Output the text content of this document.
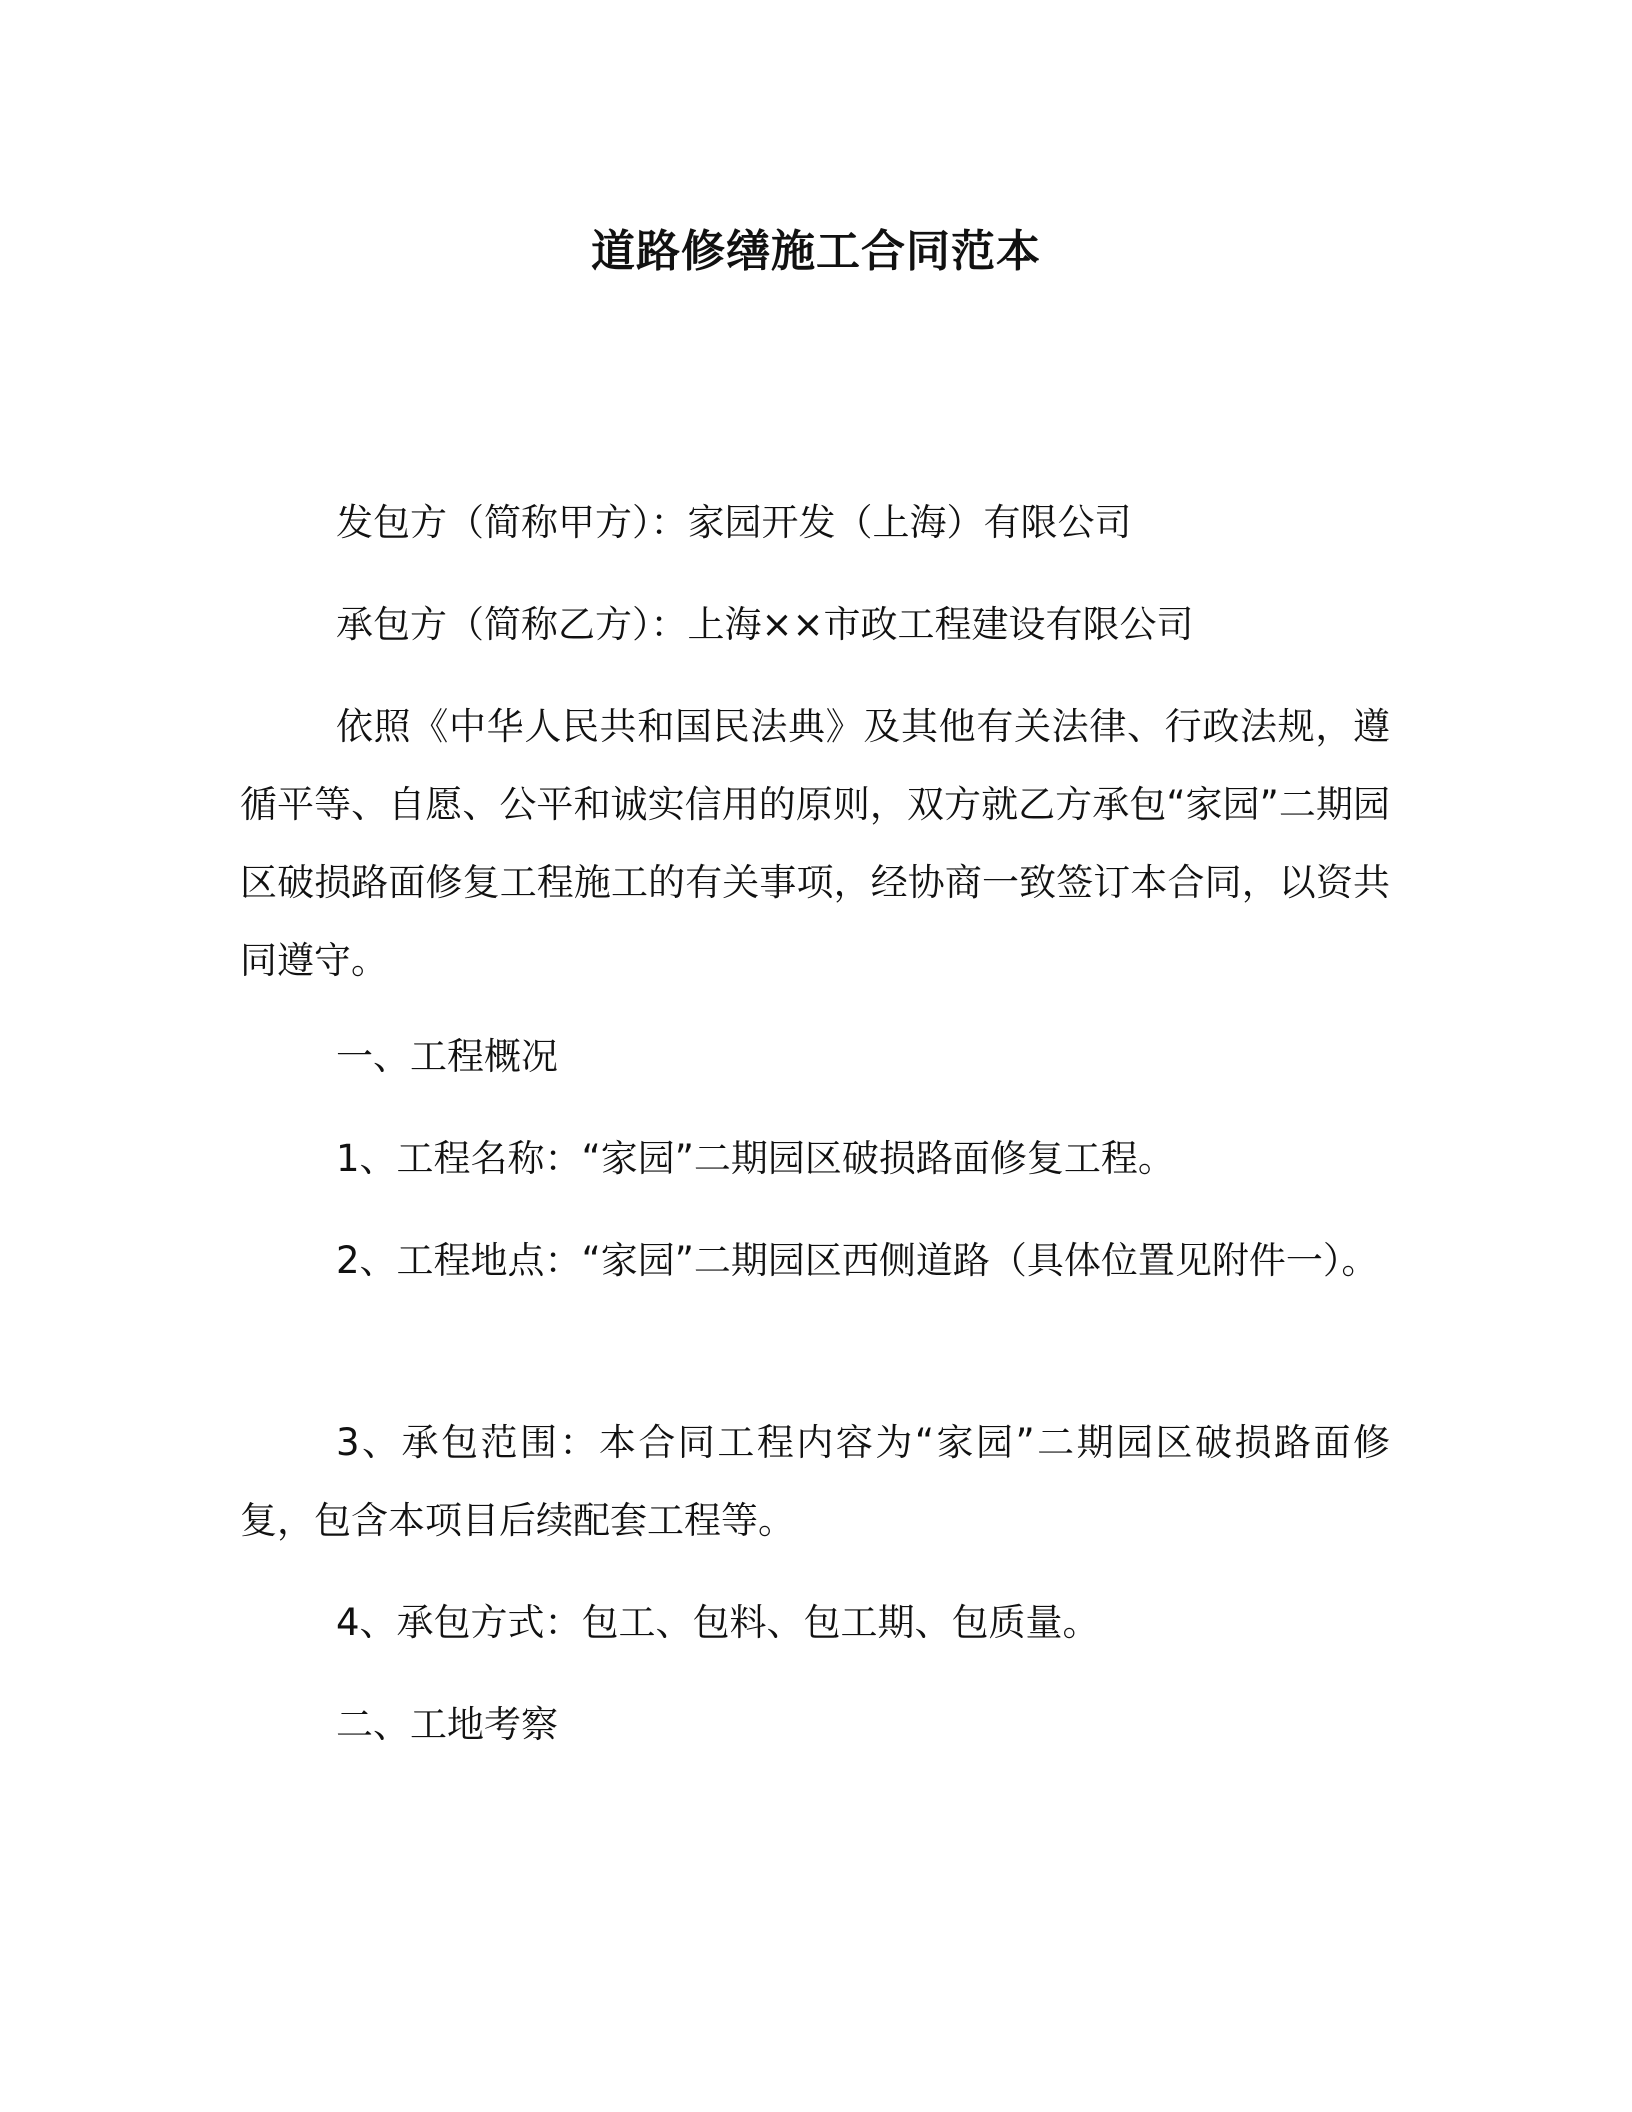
道路修缮施工合同范本

发包方（简称甲方）：家园开发（上海）有限公司

承包方（简称乙方）：上海××市政工程建设有限公司

依照《中华人民共和国民法典》及其他有关法律、行政法规，遵循平等、自愿、公平和诚实信用的原则，双方就乙方承包“家园”二期园区破损路面修复工程施工的有关事项，经协商一致签订本合同，以资共同遵守。

一、工程概况

1、工程名称：“家园”二期园区破损路面修复工程。

2、工程地点：“家园”二期园区西侧道路（具体位置见附件一）。

3、承包范围：本合同工程内容为“家园”二期园区破损路面修复，包含本项目后续配套工程等。

4、承包方式：包工、包料、包工期、包质量。

二、工地考察
